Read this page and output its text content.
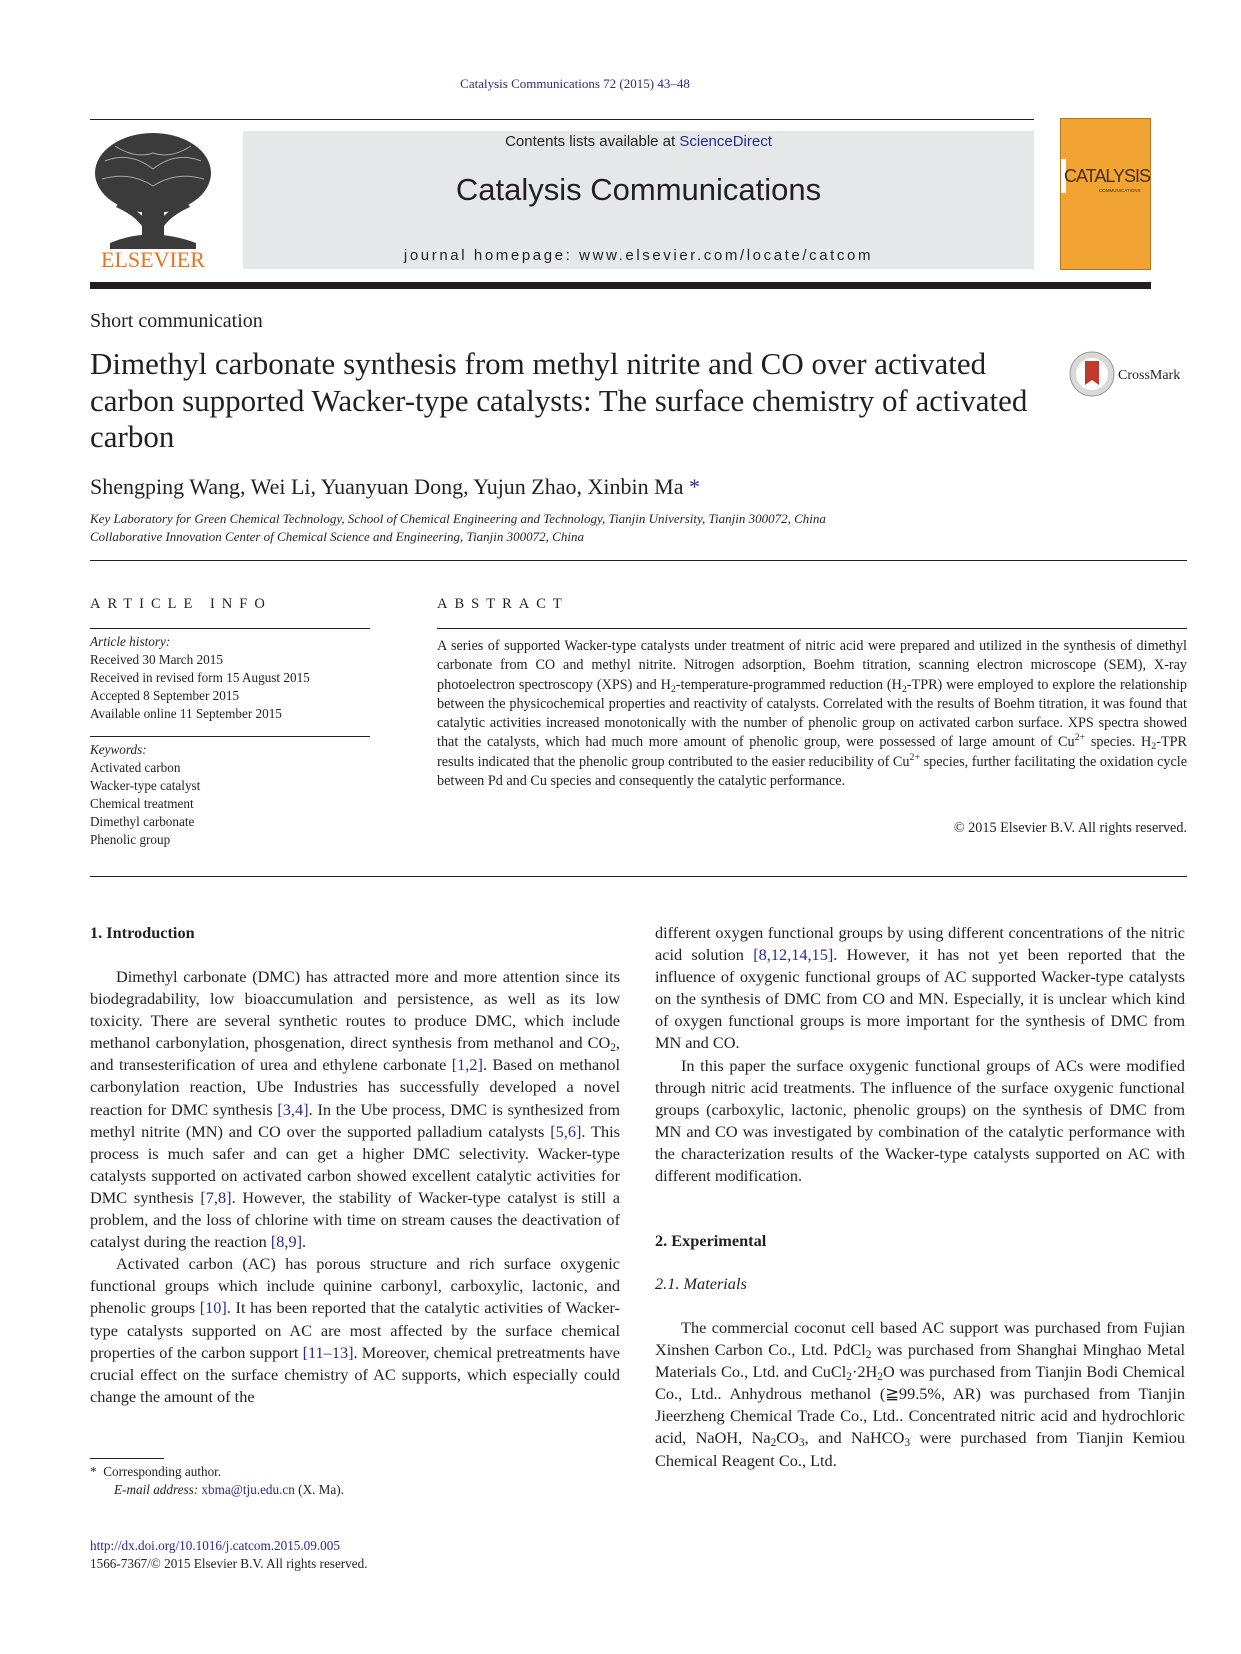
Catalysis Communications 72 (2015) 43–48
ELSEVIER
Contents lists available at ScienceDirect
Catalysis Communications
journal homepage: www.elsevier.com/locate/catcom
CATALYSIS
COMMUNICATIONS
Short communication
Dimethyl carbonate synthesis from methyl nitrite and CO over activated carbon supported Wacker-type catalysts: The surface chemistry of activated carbon
CrossMark
Shengping Wang, Wei Li, Yuanyuan Dong, Yujun Zhao, Xinbin Ma *
Key Laboratory for Green Chemical Technology, School of Chemical Engineering and Technology, Tianjin University, Tianjin 300072, China
Collaborative Innovation Center of Chemical Science and Engineering, Tianjin 300072, China
ARTICLE INFO
Article history:
Received 30 March 2015
Received in revised form 15 August 2015
Accepted 8 September 2015
Available online 11 September 2015
Keywords:
Activated carbon
Wacker-type catalyst
Chemical treatment
Dimethyl carbonate
Phenolic group
ABSTRACT
A series of supported Wacker-type catalysts under treatment of nitric acid were prepared and utilized in the synthesis of dimethyl carbonate from CO and methyl nitrite. Nitrogen adsorption, Boehm titration, scanning electron microscope (SEM), X-ray photoelectron spectroscopy (XPS) and $H_2-temperature$-programmed reduction $(H_2-TPR)$ were employed to explore the relationship between the physicochemical properties and reactivity of catalysts. Correlated with the results of Boehm titration, it was found that catalytic activities increased monotonically with the number of phenolic group on activated carbon surface. XPS spectra showed that the catalysts, which had much more amount of phenolic group, were possessed of large amount of $Cu^{2+}$ species. $H_2$-TPR results indicated that the phenolic group contributed to the easier reducibility of $Cu^{2+}$ species, further facilitating the oxidation cycle between Pd and Cu species and consequently the catalytic performance.
© 2015 Elsevier B.V. All rights reserved.
1. Introduction

Dimethyl carbonate (DMC) has attracted more and more attention since its biodegradability, low bioaccumulation and persistence, as well as its low toxicity. There are several synthetic routes to produce DMC, which include methanol carbonylation, phosgenation, direct synthesis from methanol and $CO_2$, and transesterification of urea and ethylene carbonate [1,2]. Based on methanol carbonylation reaction, Ube Industries has successfully developed a novel reaction for DMC synthesis [3,4]. In the Ube process, DMC is synthesized from methyl nitrite (MN) and CO over the supported palladium catalysts [5,6]. This process is much safer and can get a higher DMC selectivity. Wacker-type catalysts supported on activated carbon showed excellent catalytic activities for DMC synthesis [7,8]. However, the stability of Wacker-type catalyst is still a problem, and the loss of chlorine with time on stream causes the deactivation of catalyst during the reaction [8,9].

Activated carbon (AC) has porous structure and rich surface oxygenic functional groups which include quinine carbonyl, carboxylic, lactonic, and phenolic groups [10]. It has been reported that the catalytic activities of Wacker-type catalysts supported on AC are most affected by the surface chemical properties of the carbon support [11–13]. Moreover, chemical pretreatments have crucial effect on the surface chemistry of AC supports, which especially could change the amount of the

different oxygen functional groups by using different concentrations of the nitric acid solution [8,12,14,15]. However, it has not yet been reported that the influence of oxygenic functional groups of AC supported Wacker-type catalysts on the synthesis of DMC from CO and MN. Especially, it is unclear which kind of oxygen functional groups is more important for the synthesis of DMC from MN and CO.

In this paper the surface oxygenic functional groups of ACs were modified through nitric acid treatments. The influence of the surface oxygenic functional groups (carboxylic, lactonic, phenolic groups) on the synthesis of DMC from MN and CO was investigated by combination of the catalytic performance with the characterization results of the Wacker-type catalysts supported on AC with different modification.

2. Experimental
2.1. Materials

The commercial coconut cell based AC support was purchased from Fujian Xinshen Carbon Co., Ltd. PdCl$_2$ was purchased from Shanghai Minghao Metal Materials Co., Ltd. and $CuCl_2\cdot 2H_2O$ was purchased from Tianjin Bodi Chemical Co., Ltd.. Anhydrous methanol (≧99.5%, AR) was purchased from Tianjin Jieerzheng Chemical Trade Co., Ltd.. Concentrated nitric acid and hydrochloric acid, NaOH, $Na_2CO_3$, and NaHCO$_3$ were purchased from Tianjin Kemiou Chemical Reagent Co., Ltd.

* Corresponding author.
E-mail address: xbma@tju.edu.cn (X. Ma).
http://dx.doi.org/10.1016/j.catcom.2015.09.005
1566-7367/© 2015 Elsevier B.V. All rights reserved.
